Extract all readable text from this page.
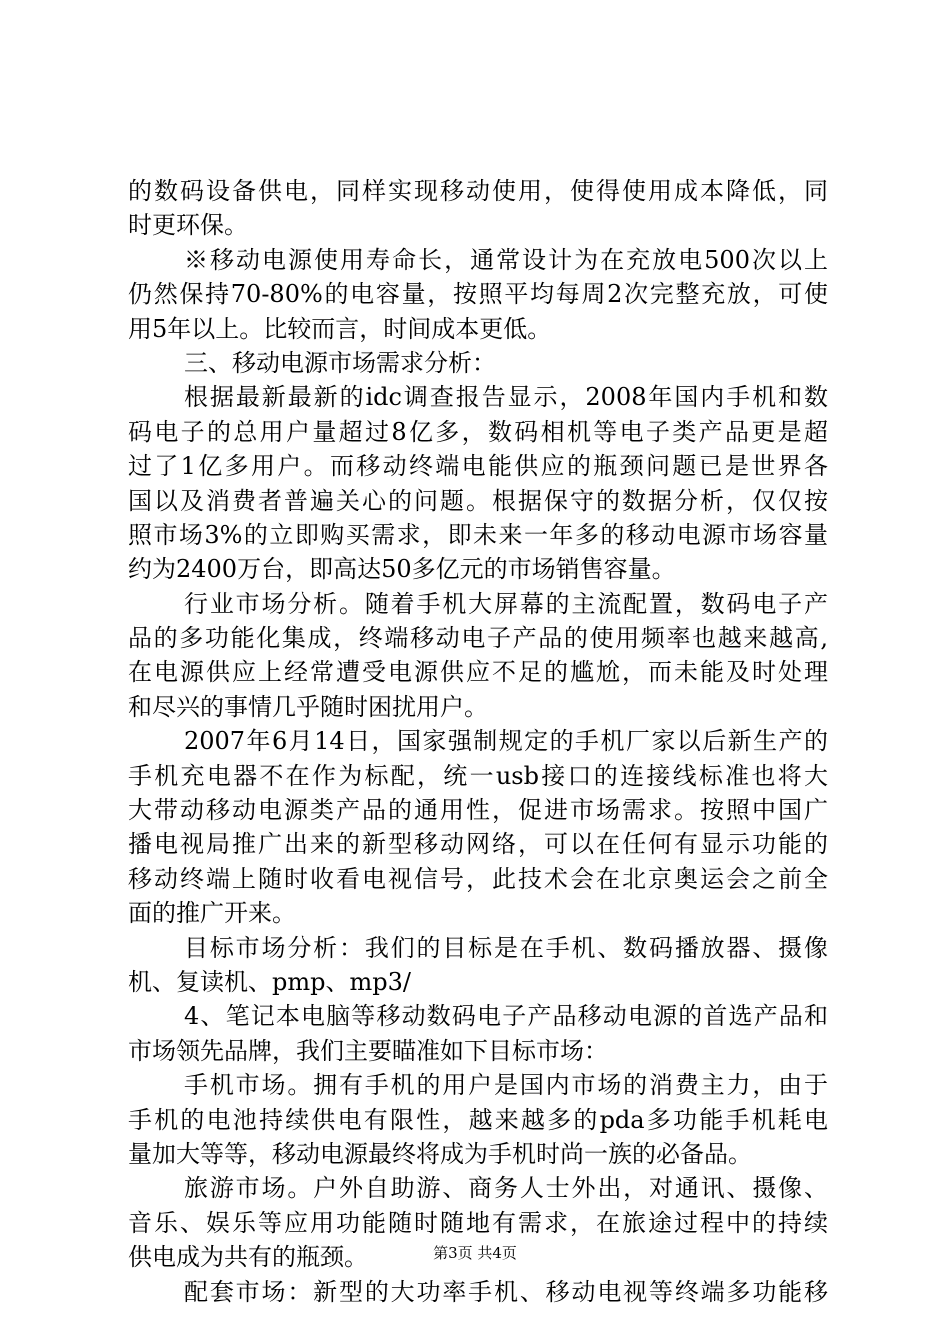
的数码设备供电，同样实现移动使用，使得使用成本降低，同
时更环保。
※移动电源使用寿命长，通常设计为在充放电500次以上
仍然保持70-80%的电容量，按照平均每周2次完整充放，可使
用5年以上。比较而言，时间成本更低。
三、移动电源市场需求分析：
根据最新最新的idc调查报告显示，2008年国内手机和数
码电子的总用户量超过8亿多，数码相机等电子类产品更是超
过了1亿多用户。而移动终端电能供应的瓶颈问题已是世界各
国以及消费者普遍关心的问题。根据保守的数据分析，仅仅按
照市场3%的立即购买需求，即未来一年多的移动电源市场容量
约为2400万台，即高达50多亿元的市场销售容量。
行业市场分析。随着手机大屏幕的主流配置，数码电子产
品的多功能化集成，终端移动电子产品的使用频率也越来越高,
在电源供应上经常遭受电源供应不足的尴尬，而未能及时处理
和尽兴的事情几乎随时困扰用户。
2007年6月14日，国家强制规定的手机厂家以后新生产的
手机充电器不在作为标配，统一usb接口的连接线标准也将大
大带动移动电源类产品的通用性，促进市场需求。按照中国广
播电视局推广出来的新型移动网络，可以在任何有显示功能的
移动终端上随时收看电视信号，此技术会在北京奥运会之前全
面的推广开来。
目标市场分析：我们的目标是在手机、数码播放器、摄像
机、复读机、pmp、mp3/
4、笔记本电脑等移动数码电子产品移动电源的首选产品和
市场领先品牌，我们主要瞄准如下目标市场：
手机市场。拥有手机的用户是国内市场的消费主力，由于
手机的电池持续供电有限性，越来越多的pda多功能手机耗电
量加大等等，移动电源最终将成为手机时尚一族的必备品。
旅游市场。户外自助游、商务人士外出，对通讯、摄像、
音乐、娱乐等应用功能随时随地有需求，在旅途过程中的持续
供电成为共有的瓶颈。
配套市场：新型的大功率手机、移动电视等终端多功能移
第3页 共4页
